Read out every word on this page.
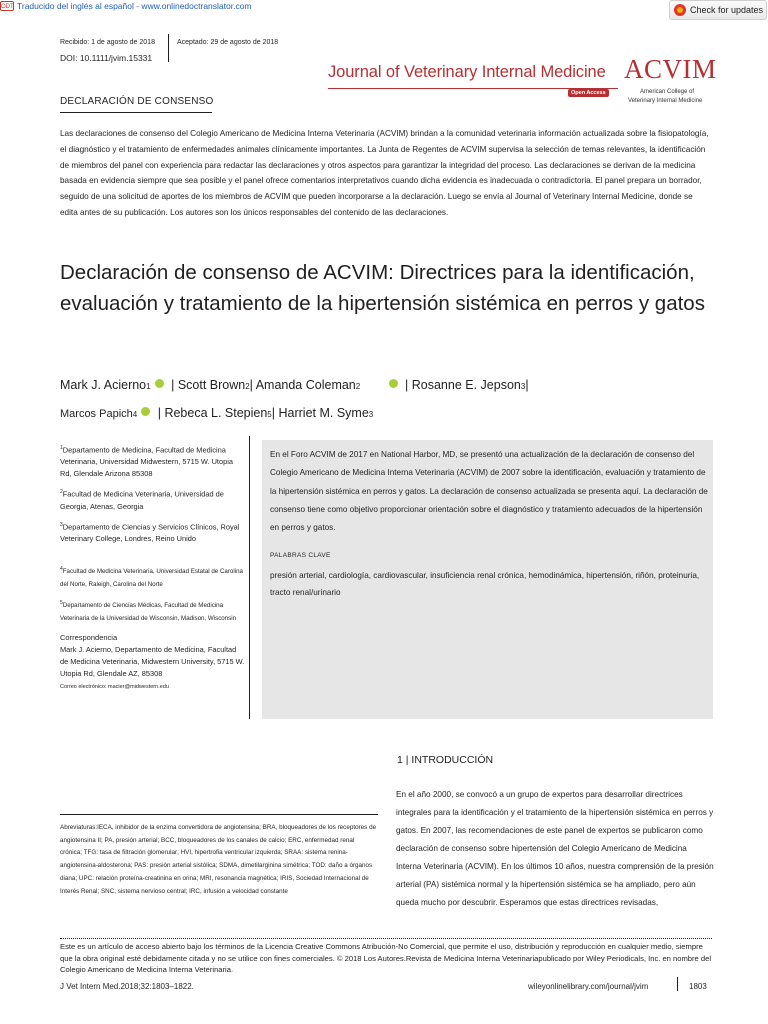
ODT Traducido del inglés al español - www.onlinedoctranslator.com	Check for updates
Recibido: 1 de agosto de 2018	Aceptado: 29 de agosto de 2018
DOI: 10.1111/jvim.15331
Journal of Veterinary Internal Medicine
Open Access
ACVIM
American College of
Veterinary Internal Medicine
DECLARACIÓN DE CONSENSO
Las declaraciones de consenso del Colegio Americano de Medicina Interna Veterinaria (ACVIM) brindan a la comunidad veterinaria información actualizada sobre la fisiopatología, el diagnóstico y el tratamiento de enfermedades animales clínicamente importantes. La Junta de Regentes de ACVIM supervisa la selección de temas relevantes, la identificación de miembros del panel con experiencia para redactar las declaraciones y otros aspectos para garantizar la integridad del proceso. Las declaraciones se derivan de la medicina basada en evidencia siempre que sea posible y el panel ofrece comentarios interpretativos cuando dicha evidencia es inadecuada o contradictoria. El panel prepara un borrador, seguido de una solicitud de aportes de los miembros de ACVIM que pueden incorporarse a la declaración. Luego se envía al Journal of Veterinary Internal Medicine, donde se edita antes de su publicación. Los autores son los únicos responsables del contenido de las declaraciones.
Declaración de consenso de ACVIM: Directrices para la identificación, evaluación y tratamiento de la hipertensión sistémica en perros y gatos
Mark J. Acierno1 | Scott Brown2| Amanda Coleman2	| Rosanne E. Jepson3|
Marcos Papich4 | Rebeca L. Stepien5| Harriet M. Syme3

$^1$Departamento de Medicina, Facultad de Medicina Veterinaria, Universidad Midwestern, 5715 W. Utopia Rd, Glendale Arizona 85308

$^2$Facultad de Medicina Veterinaria, Universidad de Georgia, Atenas, Georgia

$^3$Departamento de Ciencias y Servicios Clínicos, Royal Veterinary College, Londres, Reino Unido

$^4$Facultad de Medicina Veterinaria, Universidad Estatal de Carolina del Norte, Raleigh, Carolina del Norte

$^5$Departamento de Ciencias Médicas, Facultad de Medicina Veterinaria de la Universidad de Wisconsin, Madison, Wisconsin

Correspondencia

Mark J. Acierno, Departamento de Medicina, Facultad de Medicina Veterinaria, Midwestern University, 5715 W. Utopia Rd, Glendale AZ, 85308

Correo electrónico: macier@midwestern.edu

En el Foro ACVIM de 2017 en National Harbor, MD, se presentó una actualización de la declaración de consenso del Colegio Americano de Medicina Interna Veterinaria (ACVIM) de 2007 sobre la identificación, evaluación y tratamiento de la hipertensión sistémica en perros y gatos. La declaración de consenso actualizada se presenta aquí. La declaración de consenso tiene como objetivo proporcionar orientación sobre el diagnóstico y tratamiento adecuados de la hipertensión en perros y gatos.
PALABRAS CLAVE
presión arterial, cardiología, cardiovascular, insuficiencia renal crónica, hemodinámica, hipertensión, riñón, proteinuria, tracto renal/urinario
1 | INTRODUCCIÓN
En el año 2000, se convocó a un grupo de expertos para desarrollar directrices integrales para la identificación y el tratamiento de la hipertensión sistémica en perros y gatos. En 2007, las recomendaciones de este panel de expertos se publicaron como declaración de consenso sobre hipertensión del Colegio Americano de Medicina Interna Veterinaria (ACVIM). En los últimos 10 años, nuestra comprensión de la presión arterial (PA) sistémica normal y la hipertensión sistémica se ha ampliado, pero aún queda mucho por descubrir. Esperamos que estas directrices revisadas,
Abreviaturas:IECA, inhibidor de la enzima convertidora de angiotensina; BRA, bloqueadores de los receptores de angiotensina II; PA, presión arterial; BCC, bloqueadores de los canales de calcio; ERC, enfermedad renal crónica; TFG: tasa de filtración glomerular; HVI, hipertrofia ventricular izquierda; SRAA: sistema renina-angiotensina-aldosterona; PAS: presión arterial sistólica; SDMA, dimetilarginina simétrica; TOD: daño a órganos diana; UPC: relación proteína-creatinina en orina; MRI, resonancia magnética; IRIS, Sociedad Internacional de Interés Renal; SNC, sistema nervioso central; IRC, infusión a velocidad constante
Este es un artículo de acceso abierto bajo los términos de la Licencia Creative Commons Atribución-No Comercial, que permite el uso, distribución y reproducción en cualquier medio, siempre que la obra original esté debidamente citada y no se utilice con fines comerciales. © 2018 Los Autores.Revista de Medicina Interna Veterinariapublicado por Wiley Periodicals, Inc. en nombre del Colegio Americano de Medicina Interna Veterinaria.
J Vet Intern Med.2018;32:1803–1822.	wileyonlinelibrary.com/journal/jvim	1803
